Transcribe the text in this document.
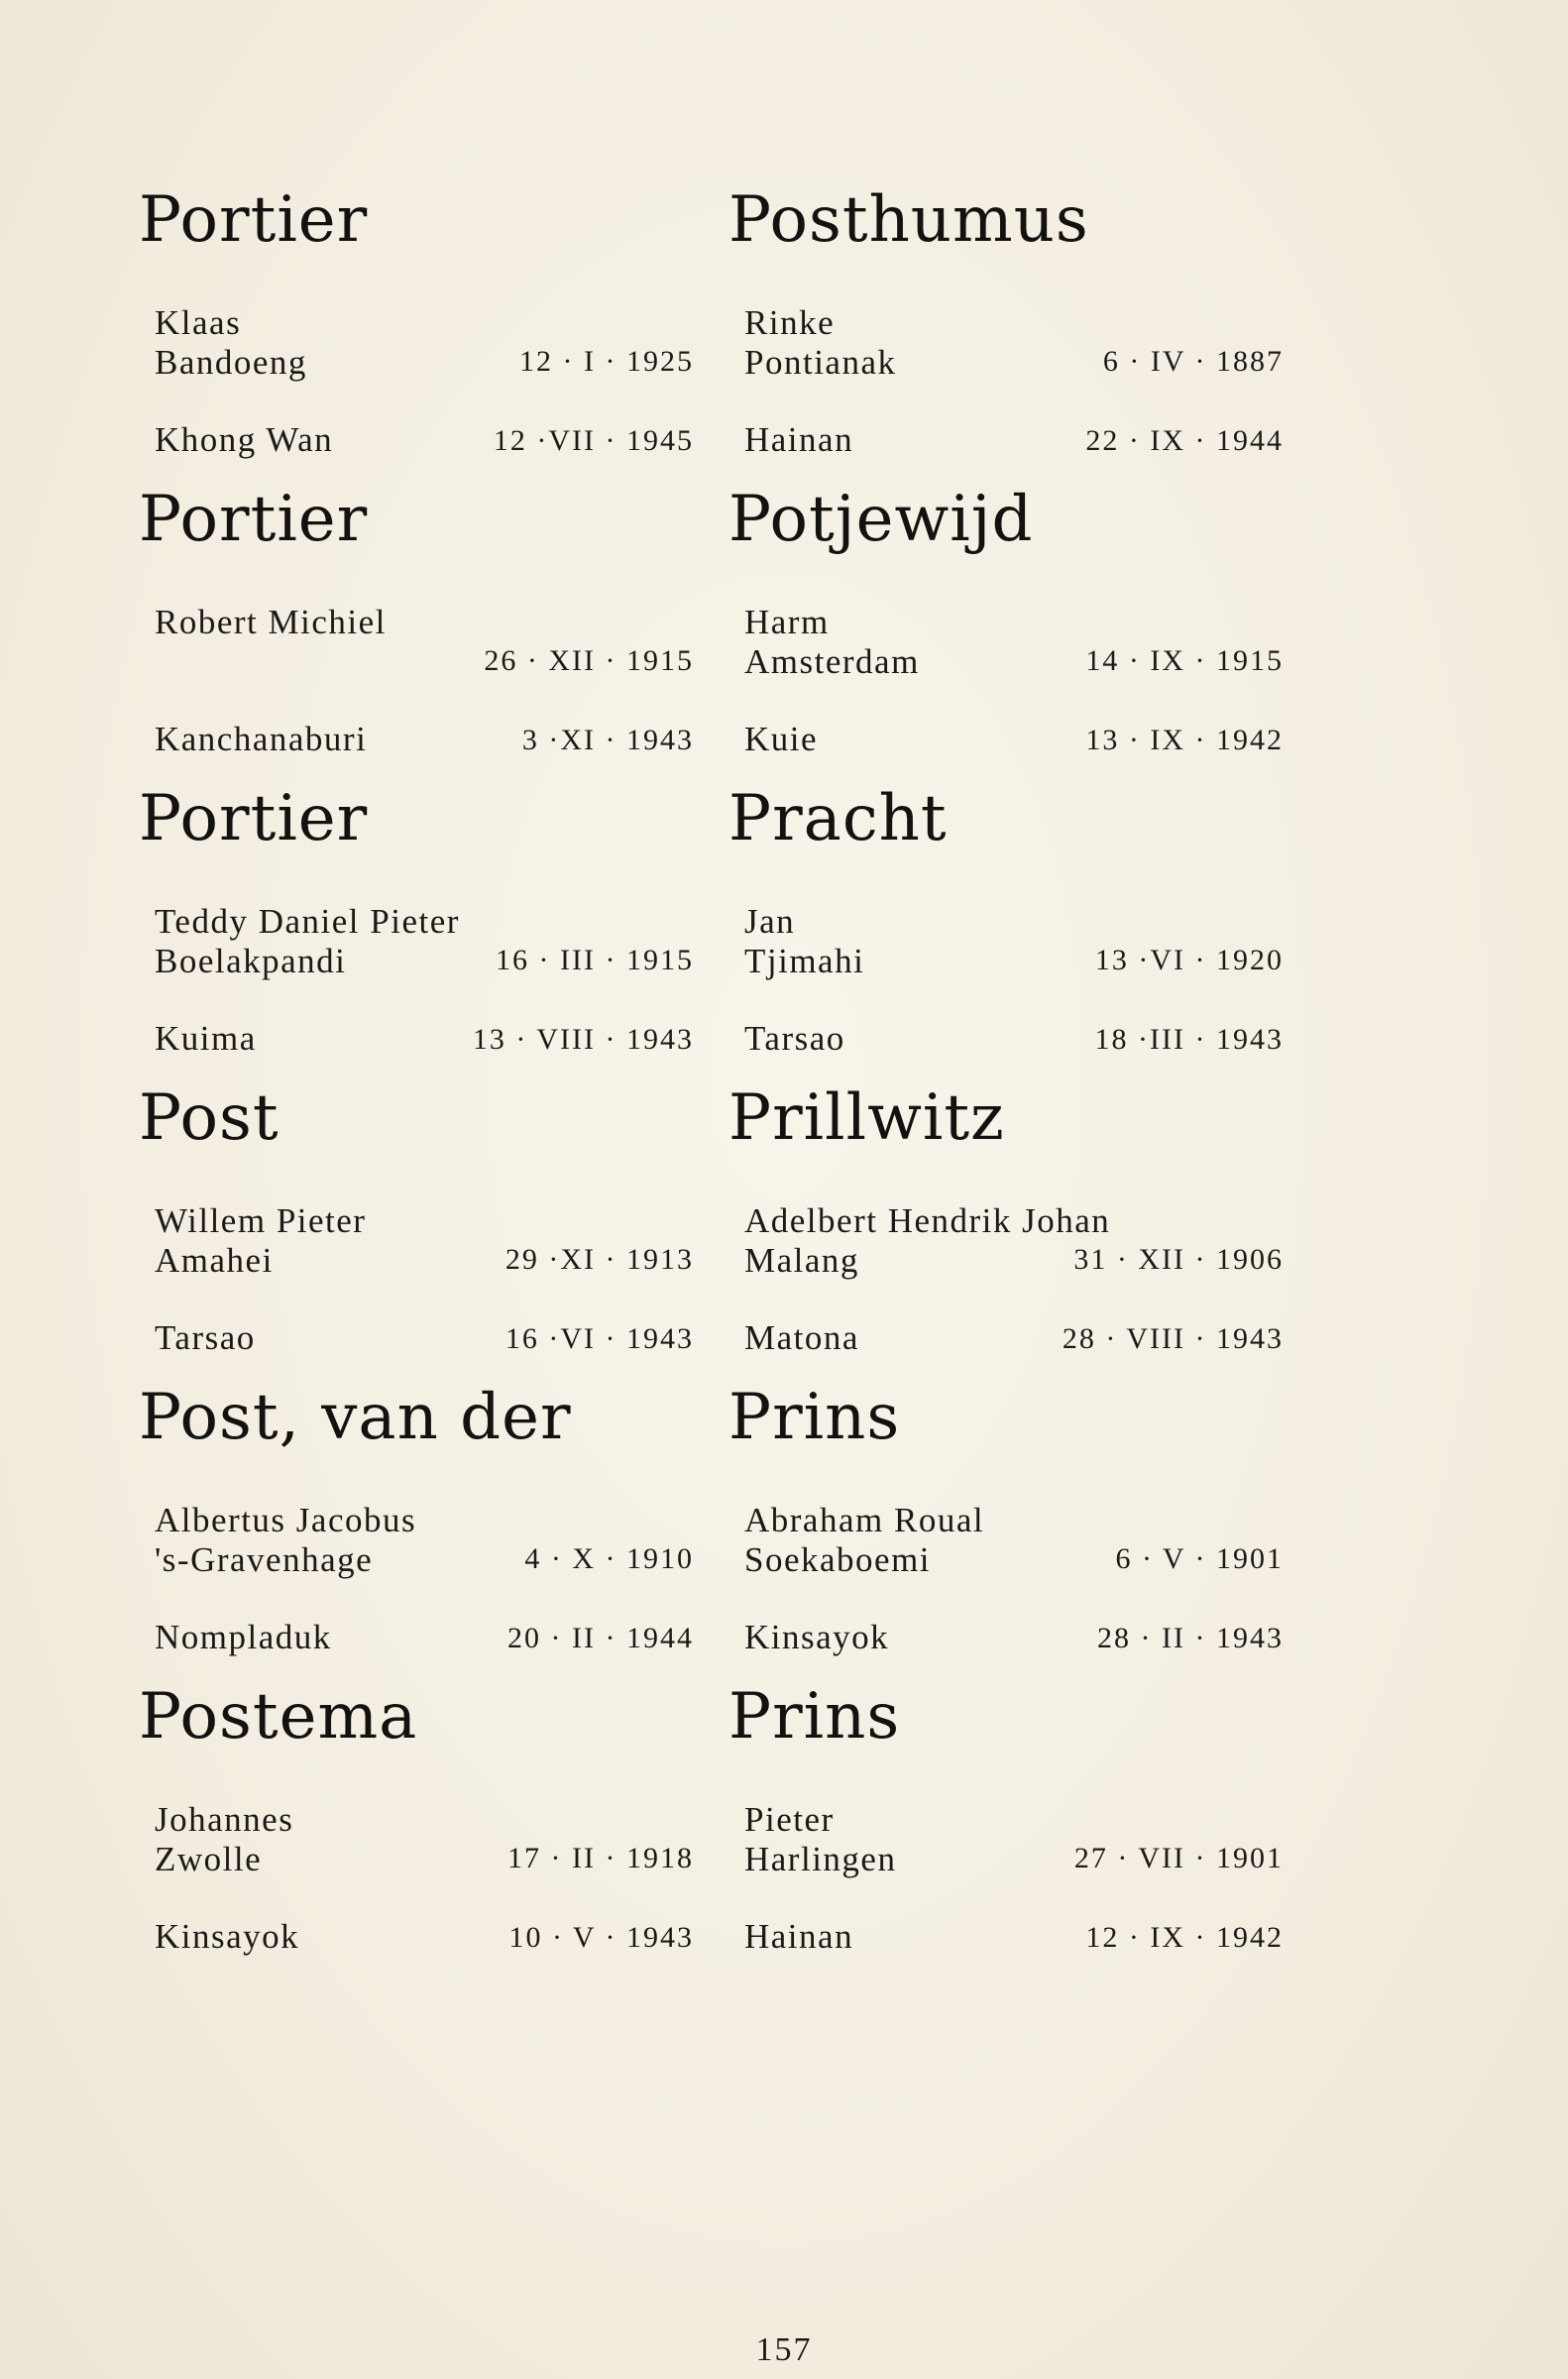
Portier
Klaas
Bandoeng	12 · I · 1925
Khong Wan	12 ·VII · 1945
Portier
Robert Michiel
26 · XII · 1915
Kanchanaburi	3 ·XI · 1943
Portier
Teddy Daniel Pieter
Boelakpandi	16 · III · 1915
Kuima	13 · VIII · 1943
Post
Willem Pieter
Amahei	29 ·XI · 1913
Tarsao	16 ·VI · 1943
Post, van der
Albertus Jacobus
's-Gravenhage	4 · X · 1910
Nompladuk	20 · II · 1944
Postema
Johannes
Zwolle	17 · II · 1918
Kinsayok	10 · V · 1943
Posthumus
Rinke
Pontianak	6 · IV · 1887
Hainan	22 · IX · 1944
Potjewijd
Harm
Amsterdam	14 · IX · 1915
Kuie	13 · IX · 1942
Pracht
Jan
Tjimahi	13 ·VI · 1920
Tarsao	18 ·III · 1943
Prillwitz
Adelbert Hendrik Johan
Malang	31 · XII · 1906
Matona	28 · VIII · 1943
Prins
Abraham Roual
Soekaboemi	6 · V · 1901
Kinsayok	28 · II · 1943
Prins
Pieter
Harlingen	27 · VII · 1901
Hainan	12 · IX · 1942
157
